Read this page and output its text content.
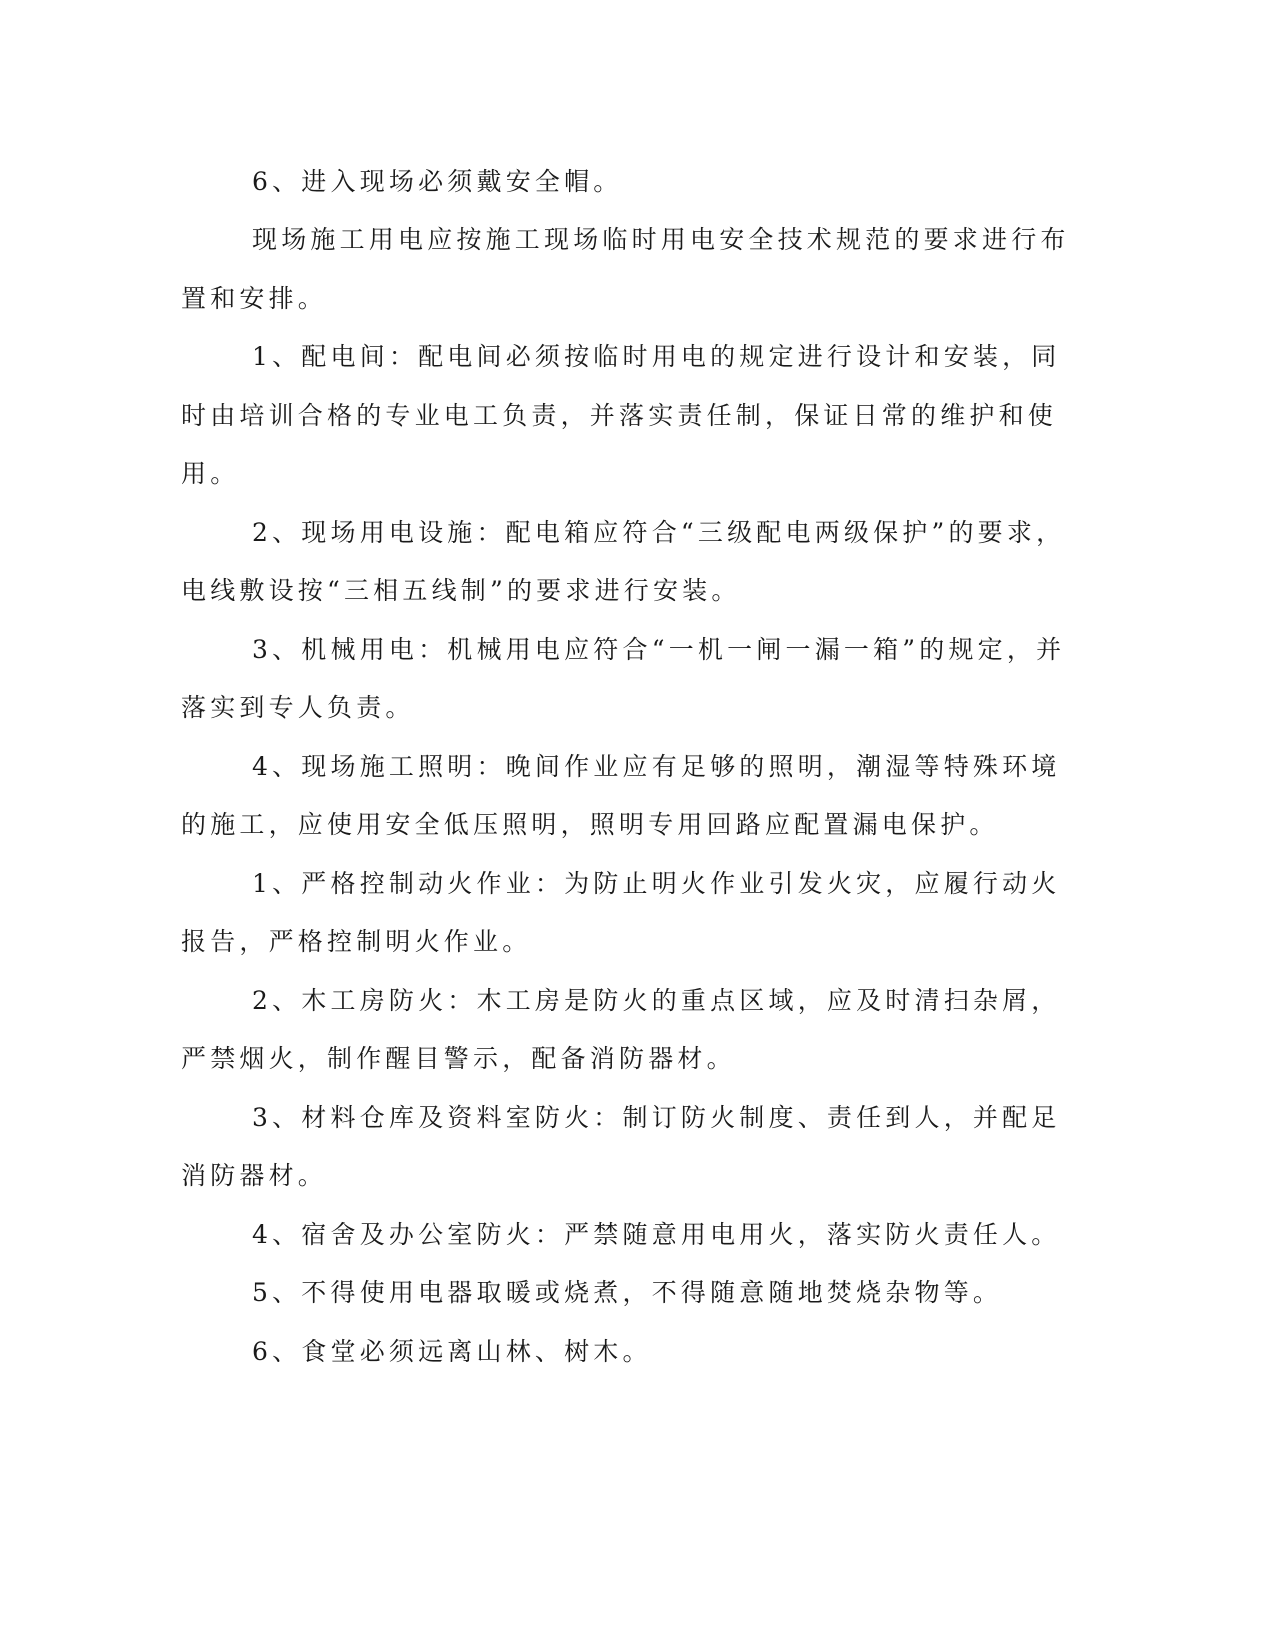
6、进入现场必须戴安全帽。
现场施工用电应按施工现场临时用电安全技术规范的要求进行布
置和安排。
1、配电间：配电间必须按临时用电的规定进行设计和安装，同
时由培训合格的专业电工负责，并落实责任制，保证日常的维护和使
用。
2、现场用电设施：配电箱应符合“三级配电两级保护”的要求，
电线敷设按“三相五线制”的要求进行安装。
3、机械用电：机械用电应符合“一机一闸一漏一箱”的规定，并
落实到专人负责。
4、现场施工照明：晚间作业应有足够的照明，潮湿等特殊环境
的施工，应使用安全低压照明，照明专用回路应配置漏电保护。
1、严格控制动火作业：为防止明火作业引发火灾，应履行动火
报告，严格控制明火作业。
2、木工房防火：木工房是防火的重点区域，应及时清扫杂屑，
严禁烟火，制作醒目警示，配备消防器材。
3、材料仓库及资料室防火：制订防火制度、责任到人，并配足
消防器材。
4、宿舍及办公室防火：严禁随意用电用火，落实防火责任人。
5、不得使用电器取暖或烧煮，不得随意随地焚烧杂物等。
6、食堂必须远离山林、树木。
